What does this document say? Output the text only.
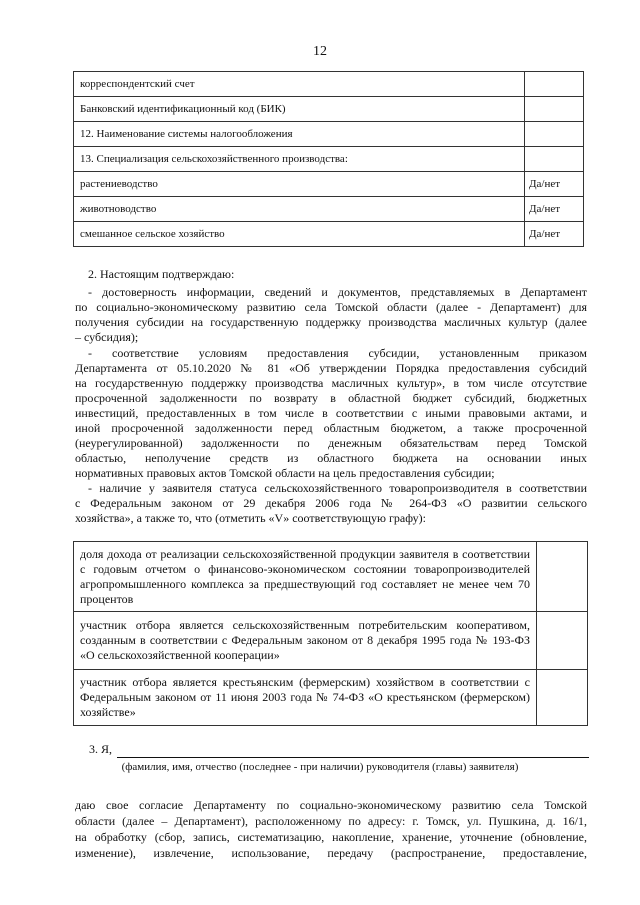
12
корреспондентский счет	
Банковский идентификационный код (БИК)	
12. Наименование системы налогообложения	
13. Специализация сельскохозяйственного производства:	
растениеводство	Да/нет
животноводство	Да/нет
смешанное сельское хозяйство	Да/нет
2. Настоящим подтверждаю:
- достоверность информации, сведений и документов, представляемых в Департамент
по социально-экономическому развитию села Томской области (далее - Департамент) для
получения субсидии на государственную поддержку производства масличных культур (далее
– субсидия);
- соответствие условиям предоставления субсидии, установленным приказом
Департамента от 05.10.2020 № 81 «Об утверждении Порядка предоставления субсидий
на государственную поддержку производства масличных культур», в том числе отсутствие
просроченной задолженности по возврату в областной бюджет субсидий, бюджетных
инвестиций, предоставленных в том числе в соответствии с иными правовыми актами, и
иной просроченной задолженности перед областным бюджетом, а также просроченной
(неурегулированной) задолженности по денежным обязательствам перед Томской
областью, неполучение средств из областного бюджета на основании иных
нормативных правовых актов Томской области на цель предоставления субсидии;
- наличие у заявителя статуса сельскохозяйственного товаропроизводителя в соответствии
с Федеральным законом от 29 декабря 2006 года № 264-ФЗ «О развитии сельского
хозяйства», а также то, что (отметить «V» соответствующую графу):
доля дохода от реализации сельскохозяйственной продукции заявителя в соответствии с годовым отчетом о финансово-экономическом состоянии товаропроизводителей агропромышленного комплекса за предшествующий год составляет не менее чем 70 процентов	
участник отбора является сельскохозяйственным потребительским кооперативом, созданным в соответствии с Федеральным законом от 8 декабря 1995 года № 193-ФЗ «О сельскохозяйственной кооперации»	
участник отбора является крестьянским (фермерским) хозяйством в соответствии с Федеральным законом от 11 июня 2003 года № 74-ФЗ «О крестьянском (фермерском) хозяйстве»	
3. Я,
(фамилия, имя, отчество (последнее - при наличии) руководителя (главы) заявителя)
даю свое согласие Департаменту по социально-экономическому развитию села Томской
области (далее – Департамент), расположенному по адресу: г. Томск, ул. Пушкина, д. 16/1,
на обработку (сбор, запись, систематизацию, накопление, хранение, уточнение (обновление,
изменение), извлечение, использование, передачу (распространение, предоставление,
